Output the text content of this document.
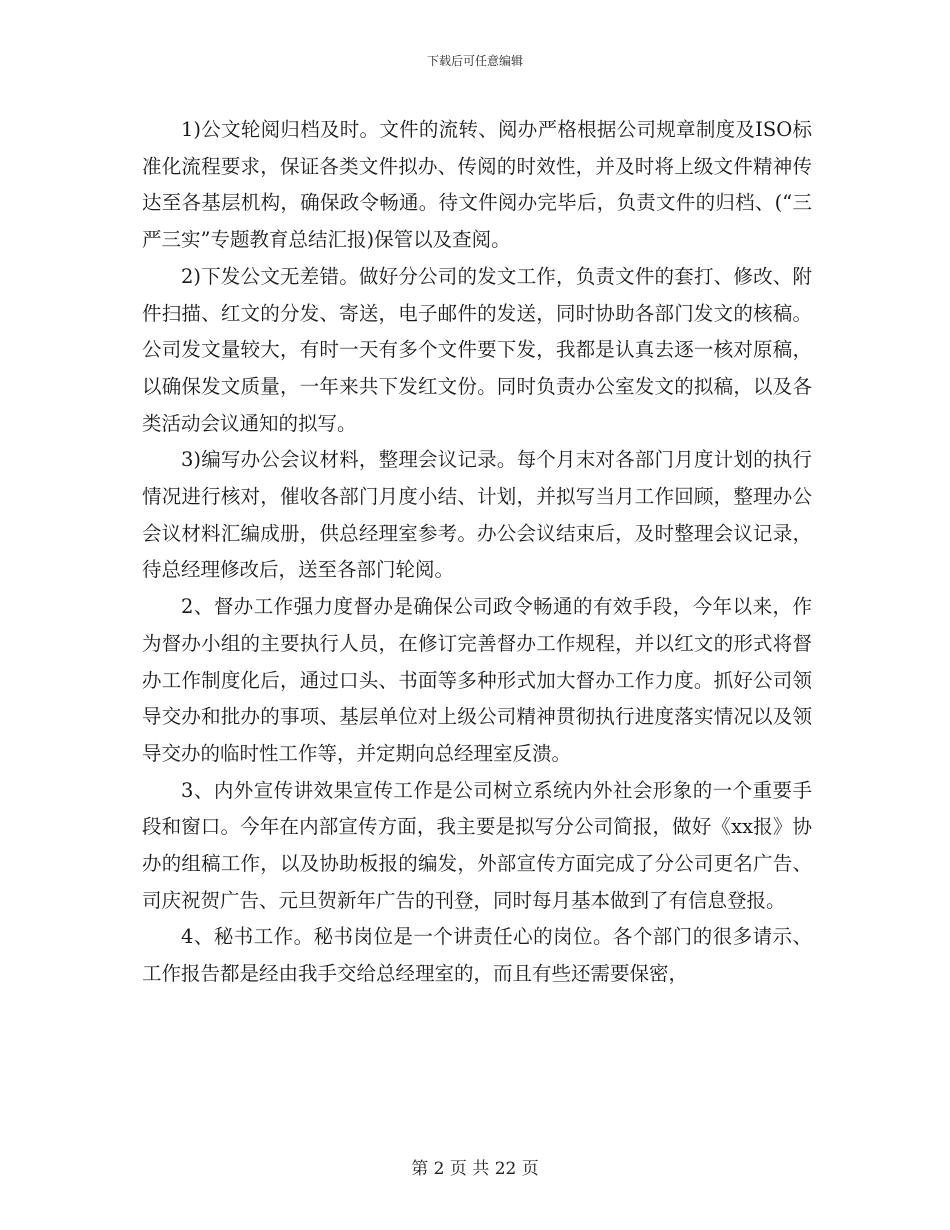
下载后可任意编辑

1)公文轮阅归档及时。文件的流转、阅办严格根据公司规章制度及ISO标准化流程要求，保证各类文件拟办、传阅的时效性，并及时将上级文件精神传达至各基层机构，确保政令畅通。待文件阅办完毕后，负责文件的归档、(“三严三实”专题教育总结汇报)保管以及查阅。

2)下发公文无差错。做好分公司的发文工作，负责文件的套打、修改、附件扫描、红文的分发、寄送，电子邮件的发送，同时协助各部门发文的核稿。公司发文量较大，有时一天有多个文件要下发，我都是认真去逐一核对原稿，以确保发文质量，一年来共下发红文份。同时负责办公室发文的拟稿，以及各类活动会议通知的拟写。

3)编写办公会议材料，整理会议记录。每个月末对各部门月度计划的执行情况进行核对，催收各部门月度小结、计划，并拟写当月工作回顾，整理办公会议材料汇编成册，供总经理室参考。办公会议结束后，及时整理会议记录，待总经理修改后，送至各部门轮阅。

2、督办工作强力度督办是确保公司政令畅通的有效手段，今年以来，作为督办小组的主要执行人员，在修订完善督办工作规程，并以红文的形式将督办工作制度化后，通过口头、书面等多种形式加大督办工作力度。抓好公司领导交办和批办的事项、基层单位对上级公司精神贯彻执行进度落实情况以及领导交办的临时性工作等，并定期向总经理室反溃。

3、内外宣传讲效果宣传工作是公司树立系统内外社会形象的一个重要手段和窗口。今年在内部宣传方面，我主要是拟写分公司简报，做好《xx报》协办的组稿工作，以及协助板报的编发，外部宣传方面完成了分公司更名广告、司庆祝贺广告、元旦贺新年广告的刊登，同时每月基本做到了有信息登报。

4、秘书工作。秘书岗位是一个讲责任心的岗位。各个部门的很多请示、工作报告都是经由我手交给总经理室的，而且有些还需要保密，

第 2 页 共 22 页
